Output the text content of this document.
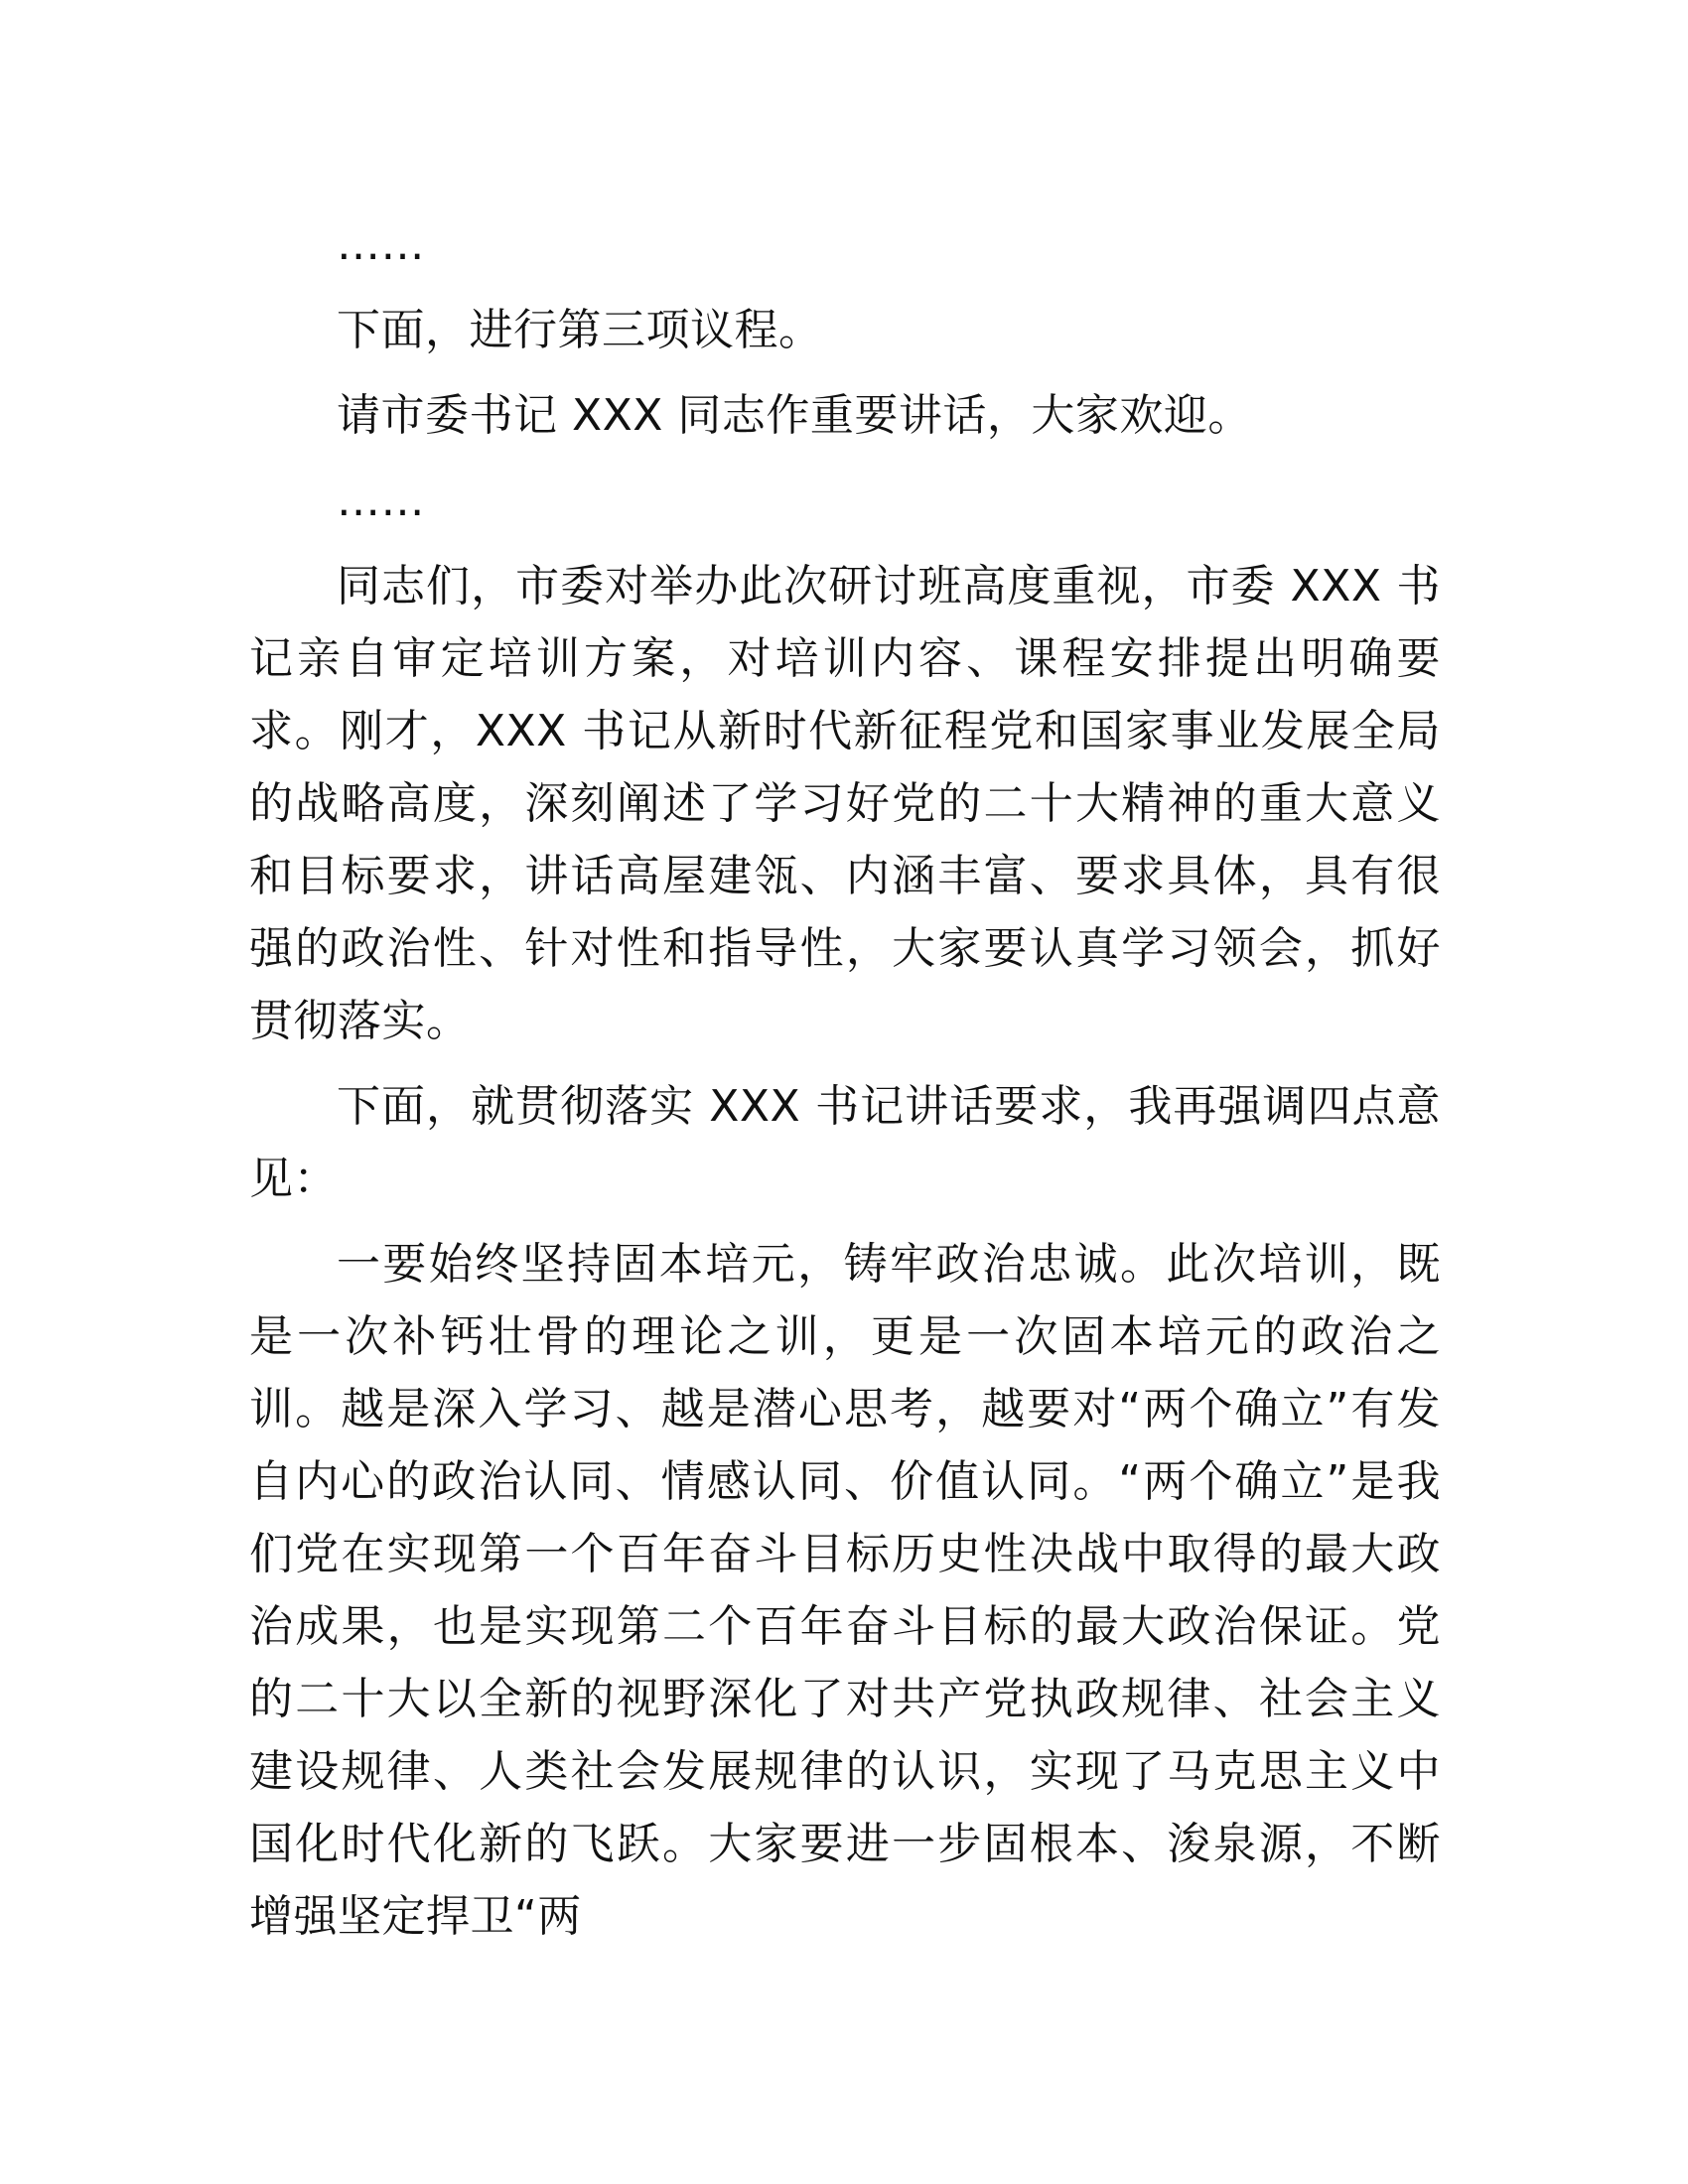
……

下面，进行第三项议程。

请市委书记 XXX 同志作重要讲话，大家欢迎。

……

同志们，市委对举办此次研讨班高度重视，市委 XXX 书记亲自审定培训方案，对培训内容、课程安排提出明确要求。刚才，XXX 书记从新时代新征程党和国家事业发展全局的战略高度，深刻阐述了学习好党的二十大精神的重大意义和目标要求，讲话高屋建瓴、内涵丰富、要求具体，具有很强的政治性、针对性和指导性，大家要认真学习领会，抓好贯彻落实。

下面，就贯彻落实 XXX 书记讲话要求，我再强调四点意见：

一要始终坚持固本培元，铸牢政治忠诚。此次培训，既是一次补钙壮骨的理论之训，更是一次固本培元的政治之训。越是深入学习、越是潜心思考，越要对“两个确立”有发自内心的政治认同、情感认同、价值认同。“两个确立”是我们党在实现第一个百年奋斗目标历史性决战中取得的最大政治成果，也是实现第二个百年奋斗目标的最大政治保证。党的二十大以全新的视野深化了对共产党执政规律、社会主义建设规律、人类社会发展规律的认识，实现了马克思主义中国化时代化新的飞跃。大家要进一步固根本、浚泉源，不断增强坚定捍卫“两
